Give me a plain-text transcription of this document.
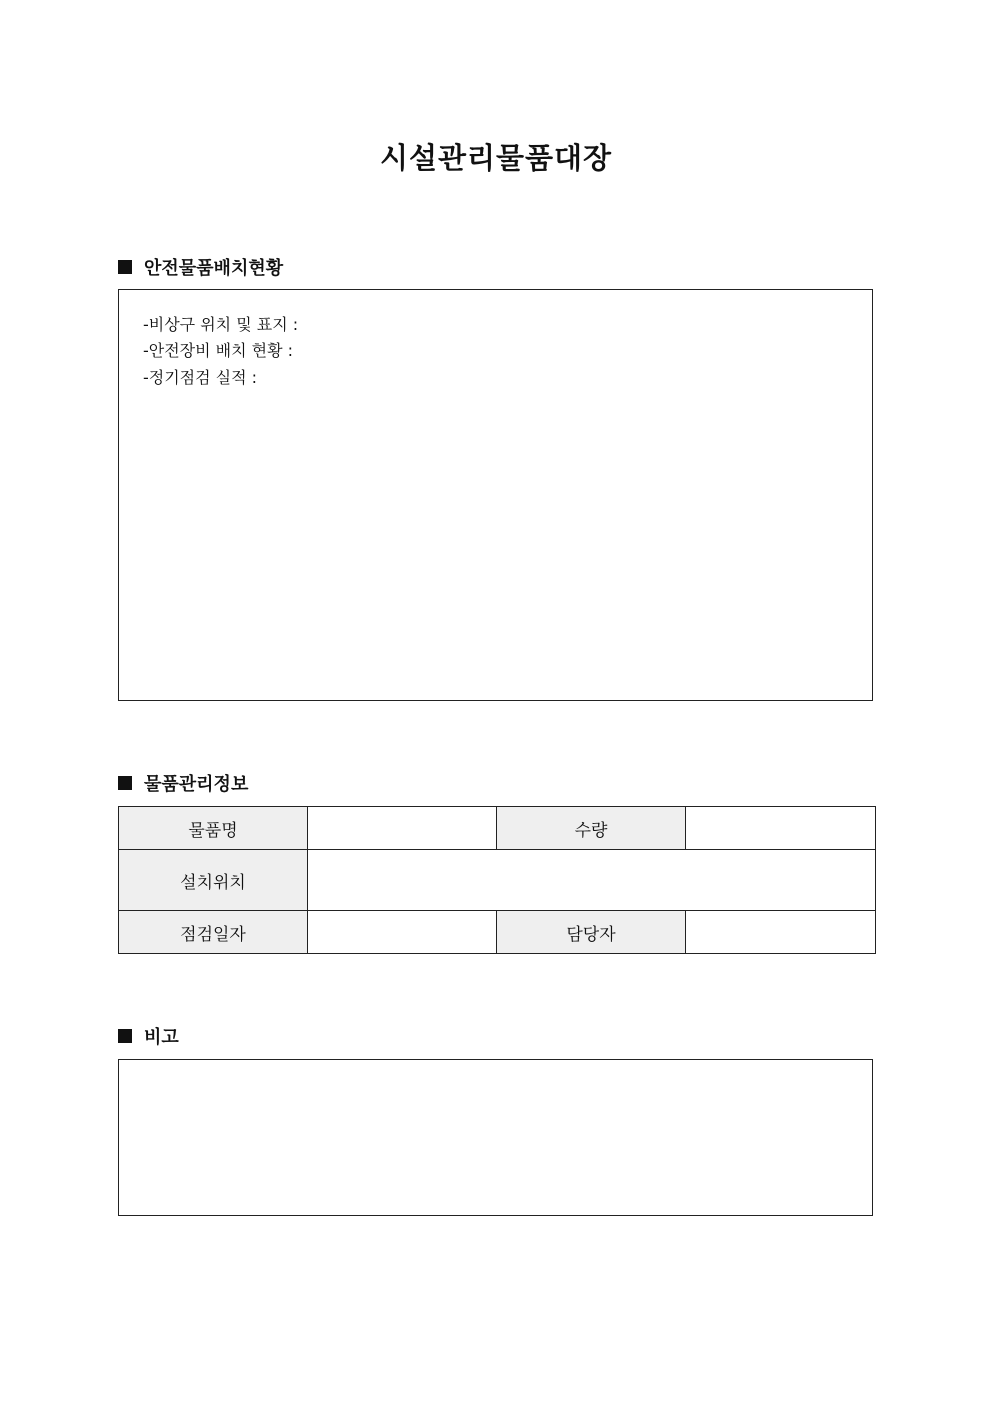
시설관리물품대장
안전물품배치현황
-비상구 위치 및 표지 :
-안전장비 배치 현황 :
-정기점검 실적 :
물품관리정보
물품명		수량	
설치위치			
점검일자		담당자	
비고
